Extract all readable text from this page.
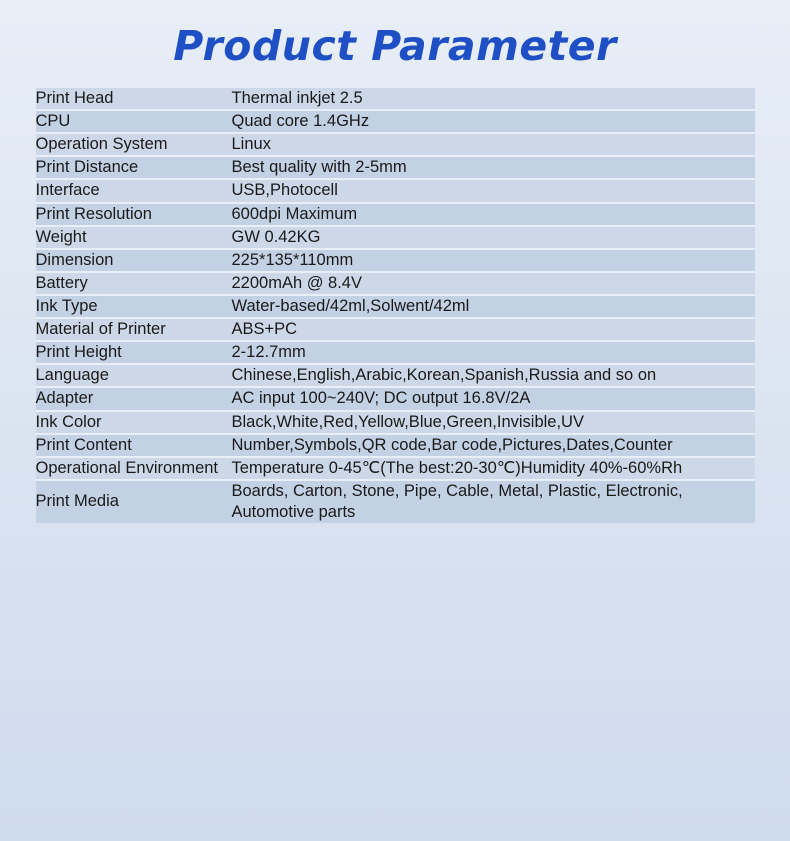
Product Parameter
Print Head	Thermal inkjet 2.5
CPU	Quad core 1.4GHz
Operation System	Linux
Print Distance	Best quality with 2-5mm
Interface	USB,Photocell
Print Resolution	600dpi Maximum
Weight	GW 0.42KG
Dimension	225*135*110mm
Battery	2200mAh @ 8.4V
Ink Type	Water-based/42ml,Solwent/42ml
Material of Printer	ABS+PC
Print Height	2-12.7mm
Language	Chinese,English,Arabic,Korean,Spanish,Russia and so on
Adapter	AC input 100~240V; DC output 16.8V/2A
Ink Color	Black,White,Red,Yellow,Blue,Green,Invisible,UV
Print Content	Number,Symbols,QR code,Bar code,Pictures,Dates,Counter
Operational Environment	Temperature 0-45℃(The best:20-30℃)Humidity 40%-60%Rh
Print Media	Boards, Carton, Stone, Pipe, Cable, Metal, Plastic, Electronic, Automotive parts
